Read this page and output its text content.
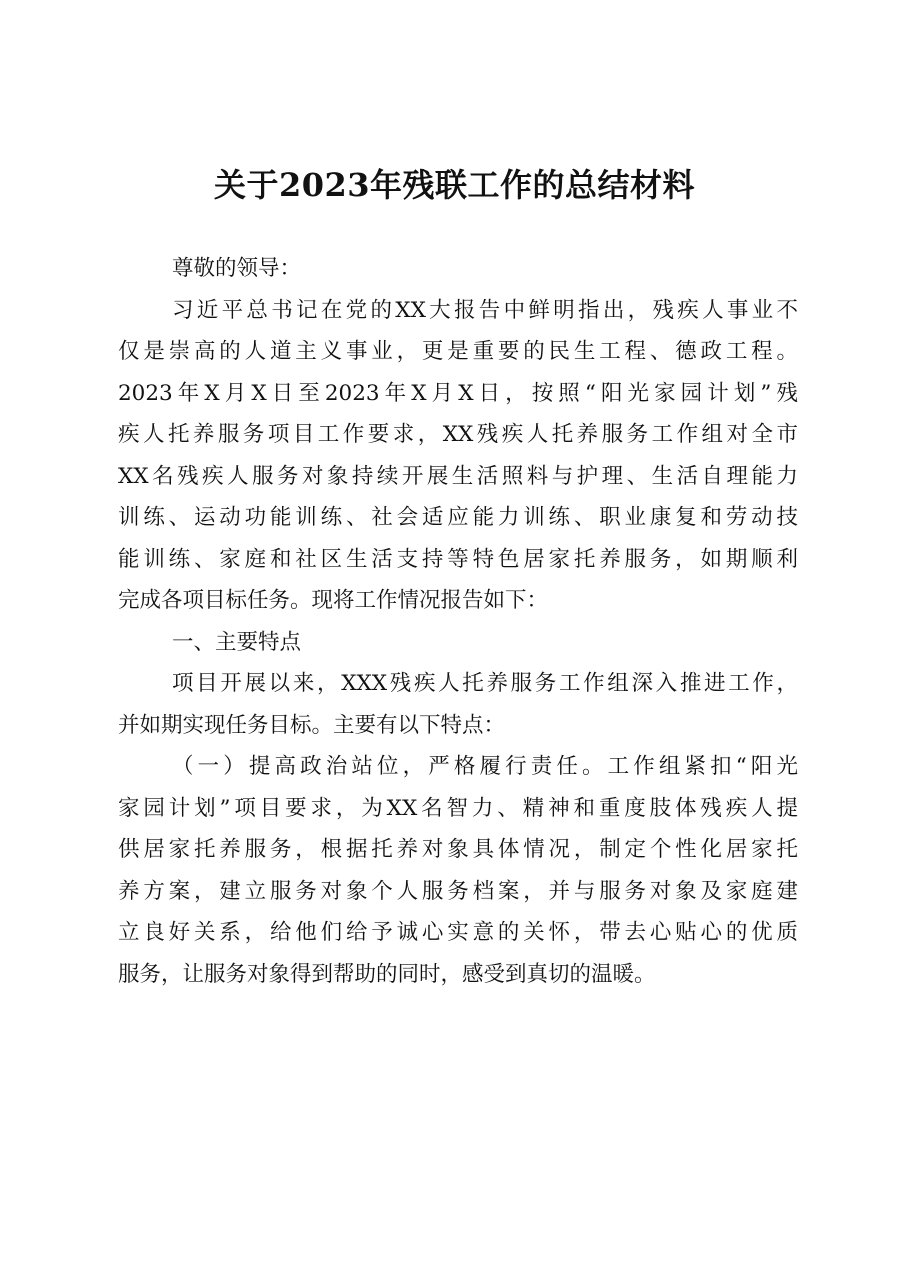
关于2023年残联工作的总结材料
尊敬的领导：
习近平总书记在党的XX大报告中鲜明指出，残疾人事业不
仅是崇高的人道主义事业，更是重要的民生工程、德政工程。
2023年X月X日至2023年X月X日，按照“阳光家园计划”残
疾人托养服务项目工作要求，XX残疾人托养服务工作组对全市
XX名残疾人服务对象持续开展生活照料与护理、生活自理能力
训练、运动功能训练、社会适应能力训练、职业康复和劳动技
能训练、家庭和社区生活支持等特色居家托养服务，如期顺利
完成各项目标任务。现将工作情况报告如下：
一、主要特点
项目开展以来，XXX残疾人托养服务工作组深入推进工作，
并如期实现任务目标。主要有以下特点：
（一）提高政治站位，严格履行责任。工作组紧扣“阳光
家园计划”项目要求，为XX名智力、精神和重度肢体残疾人提
供居家托养服务，根据托养对象具体情况，制定个性化居家托
养方案，建立服务对象个人服务档案，并与服务对象及家庭建
立良好关系，给他们给予诚心实意的关怀，带去心贴心的优质
服务，让服务对象得到帮助的同时，感受到真切的温暖。
